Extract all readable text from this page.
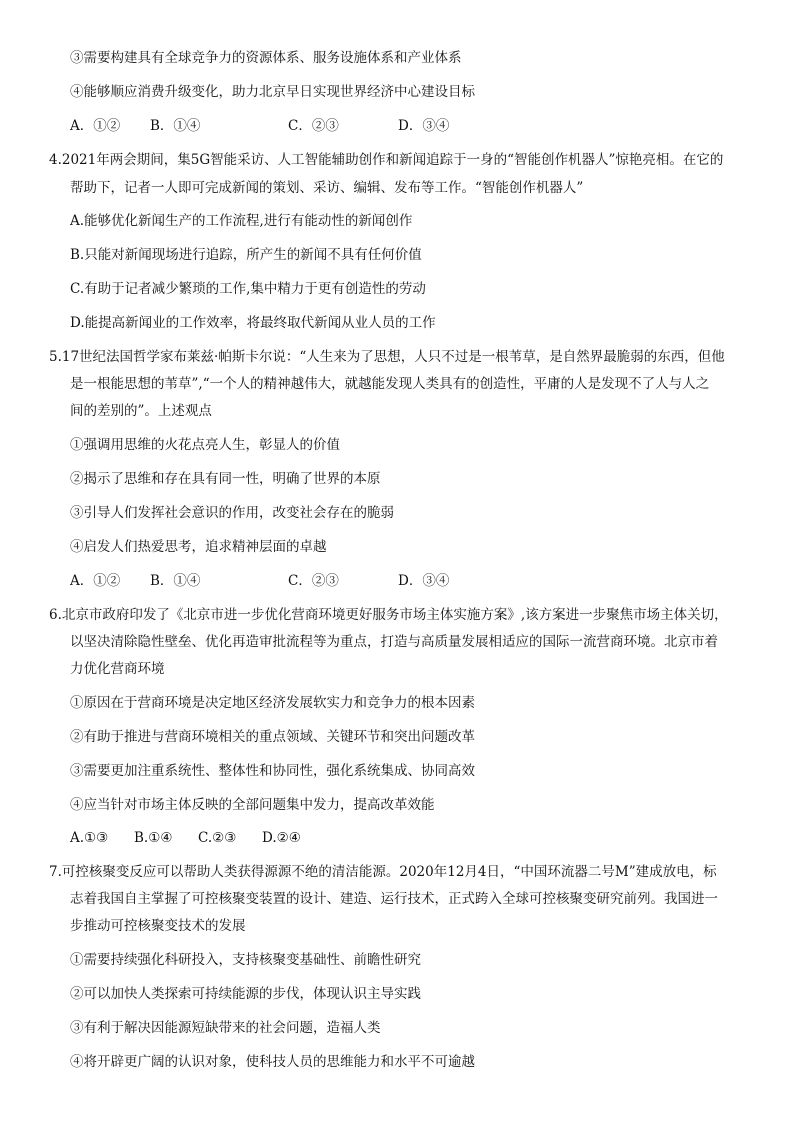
③需要构建具有全球竞争力的资源体系、服务设施体系和产业体系
④能够顺应消费升级变化，助力北京早日实现世界经济中心建设目标
A．①② B．①④	C．②③	D．③④
4.2021年两会期间，集5G智能采访、人工智能辅助创作和新闻追踪于一身的“智能创作机器人”惊艳亮相。在它的
帮助下，记者一人即可完成新闻的策划、采访、编辑、发布等工作。“智能创作机器人”
A.能够优化新闻生产的工作流程,进行有能动性的新闻创作
B.只能对新闻现场进行追踪，所产生的新闻不具有任何价值
C.有助于记者减少繁琐的工作,集中精力于更有创造性的劳动
D.能提高新闻业的工作效率，将最终取代新闻从业人员的工作
5.17世纪法国哲学家布莱兹·帕斯卡尔说：“人生来为了思想，人只不过是一根苇草，是自然界最脆弱的东西，但他
是一根能思想的苇草”,“一个人的精神越伟大，就越能发现人类具有的创造性，平庸的人是发现不了人与人之
间的差别的”。上述观点
①强调用思维的火花点亮人生，彰显人的价值
②揭示了思维和存在具有同一性，明确了世界的本原
③引导人们发挥社会意识的作用，改变社会存在的脆弱
④启发人们热爱思考，追求精神层面的卓越
A．①② B．①④	C．②③	D．③④
6.北京市政府印发了《北京市进一步优化营商环境更好服务市场主体实施方案》,该方案进一步聚焦市场主体关切，
以坚决清除隐性壁垒、优化再造审批流程等为重点，打造与高质量发展相适应的国际一流营商环境。北京市着
力优化营商环境
①原因在于营商环境是决定地区经济发展软实力和竞争力的根本因素
②有助于推进与营商环境相关的重点领域、关键环节和突出问题改革
③需要更加注重系统性、整体性和协同性，强化系统集成、协同高效
④应当针对市场主体反映的全部问题集中发力，提高改革效能
A.①③ B.①④ C.②③ D.②④
7.可控核聚变反应可以帮助人类获得源源不绝的清洁能源。2020年12月4日，“中国环流器二号M”建成放电，标
志着我国自主掌握了可控核聚变装置的设计、建造、运行技术，正式跨入全球可控核聚变研究前列。我国进一
步推动可控核聚变技术的发展
①需要持续强化科研投入，支持核聚变基础性、前瞻性研究
②可以加快人类探索可持续能源的步伐，体现认识主导实践
③有利于解决因能源短缺带来的社会问题，造福人类
④将开辟更广阔的认识对象，使科技人员的思维能力和水平不可逾越
